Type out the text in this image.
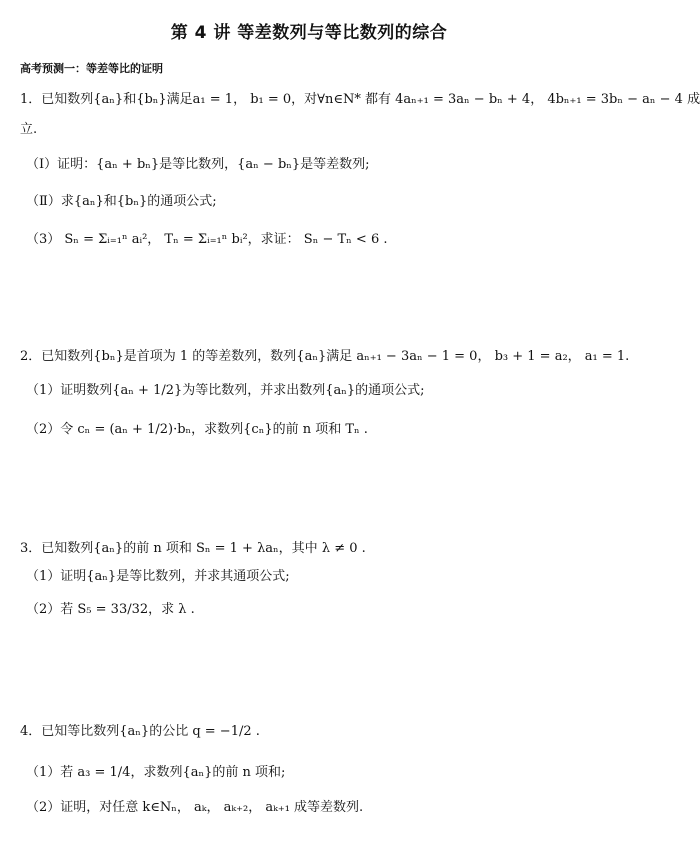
第 4 讲 等差数列与等比数列的综合
高考预测一：等差等比的证明
1．已知数列{aₙ}和{bₙ}满足a₁ = 1， b₁ = 0，对∀n∈N* 都有 4aₙ₊₁ = 3aₙ − bₙ + 4， 4bₙ₊₁ = 3bₙ − aₙ − 4 成
立.
（Ⅰ）证明：{aₙ + bₙ}是等比数列，{aₙ − bₙ}是等差数列;
（Ⅱ）求{aₙ}和{bₙ}的通项公式;
（3） Sₙ = Σᵢ₌₁ⁿ aᵢ²， Tₙ = Σᵢ₌₁ⁿ bᵢ²，求证： Sₙ − Tₙ < 6 .
2．已知数列{bₙ}是首项为 1 的等差数列，数列{aₙ}满足 aₙ₊₁ − 3aₙ − 1 = 0， b₃ + 1 = a₂， a₁ = 1.
（1）证明数列{aₙ + 1/2}为等比数列，并求出数列{aₙ}的通项公式;
（2）令 cₙ = (aₙ + 1/2)·bₙ，求数列{cₙ}的前 n 项和 Tₙ .
3．已知数列{aₙ}的前 n 项和 Sₙ = 1 + λaₙ，其中 λ ≠ 0 .
（1）证明{aₙ}是等比数列，并求其通项公式;
（2）若 S₅ = 33/32，求 λ .
4．已知等比数列{aₙ}的公比 q = −1/2 .
（1）若 a₃ = 1/4，求数列{aₙ}的前 n 项和;
（2）证明，对任意 k∈Nₙ， aₖ， aₖ₊₂， aₖ₊₁ 成等差数列.
